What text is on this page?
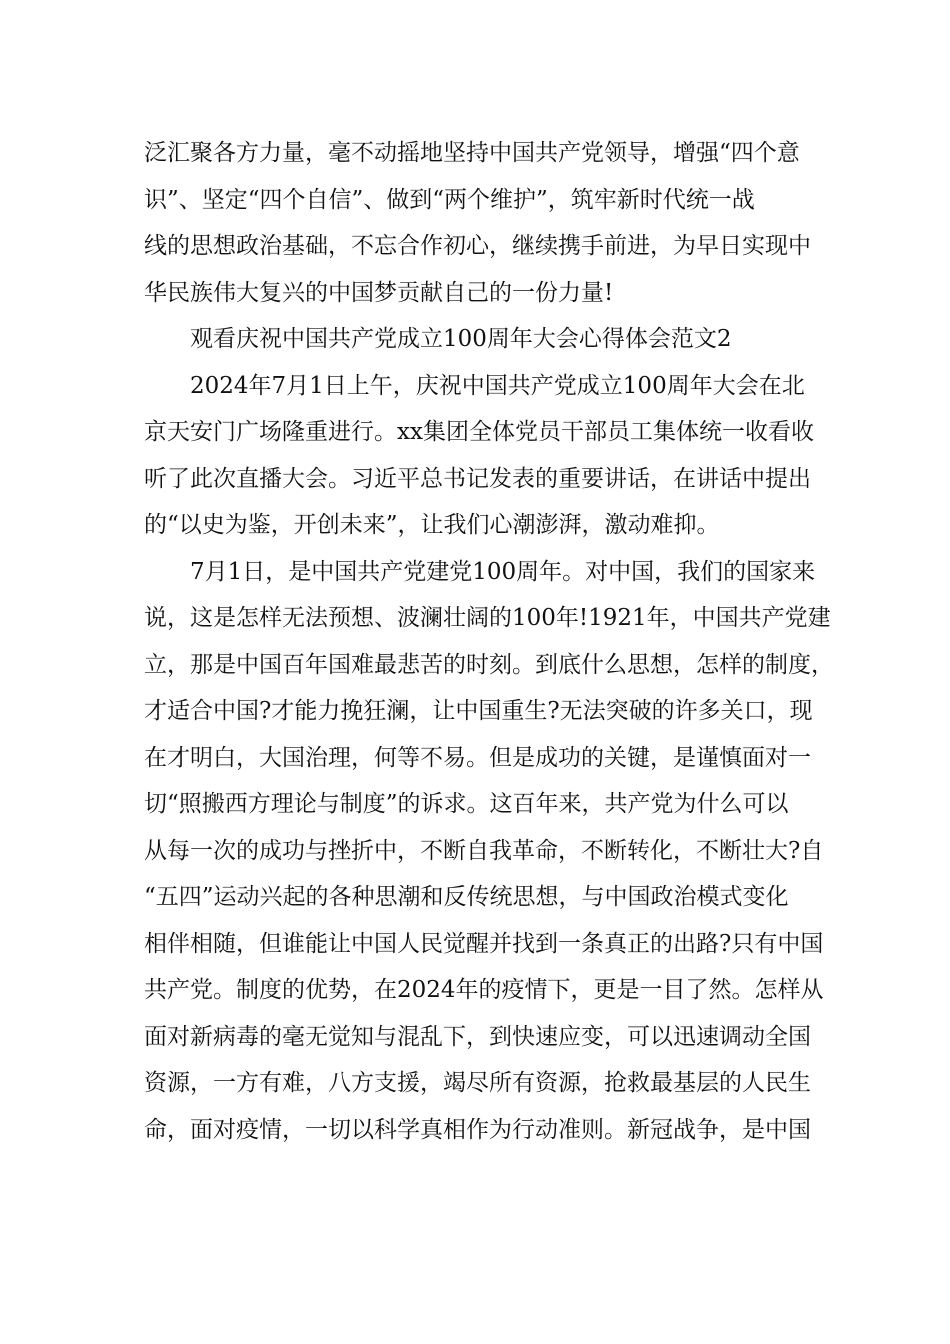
泛汇聚各方力量，毫不动摇地坚持中国共产党领导，增强“四个意
识”、坚定“四个自信”、做到“两个维护”，筑牢新时代统一战
线的思想政治基础，不忘合作初心，继续携手前进，为早日实现中
华民族伟大复兴的中国梦贡献自己的一份力量!
观看庆祝中国共产党成立100周年大会心得体会范文2
2024年7月1日上午，庆祝中国共产党成立100周年大会在北
京天安门广场隆重进行。xx集团全体党员干部员工集体统一收看收
听了此次直播大会。习近平总书记发表的重要讲话，在讲话中提出
的“以史为鉴，开创未来”，让我们心潮澎湃，激动难抑。
7月1日，是中国共产党建党100周年。对中国，我们的国家来
说，这是怎样无法预想、波澜壮阔的100年!1921年，中国共产党建
立，那是中国百年国难最悲苦的时刻。到底什么思想，怎样的制度，
才适合中国?才能力挽狂澜，让中国重生?无法突破的许多关口，现
在才明白，大国治理，何等不易。但是成功的关键，是谨慎面对一
切“照搬西方理论与制度”的诉求。这百年来，共产党为什么可以
从每一次的成功与挫折中，不断自我革命，不断转化，不断壮大?自
“五四”运动兴起的各种思潮和反传统思想，与中国政治模式变化
相伴相随，但谁能让中国人民觉醒并找到一条真正的出路?只有中国
共产党。制度的优势，在2024年的疫情下，更是一目了然。怎样从
面对新病毒的毫无觉知与混乱下，到快速应变，可以迅速调动全国
资源，一方有难，八方支援，竭尽所有资源，抢救最基层的人民生
命，面对疫情，一切以科学真相作为行动准则。新冠战争，是中国
